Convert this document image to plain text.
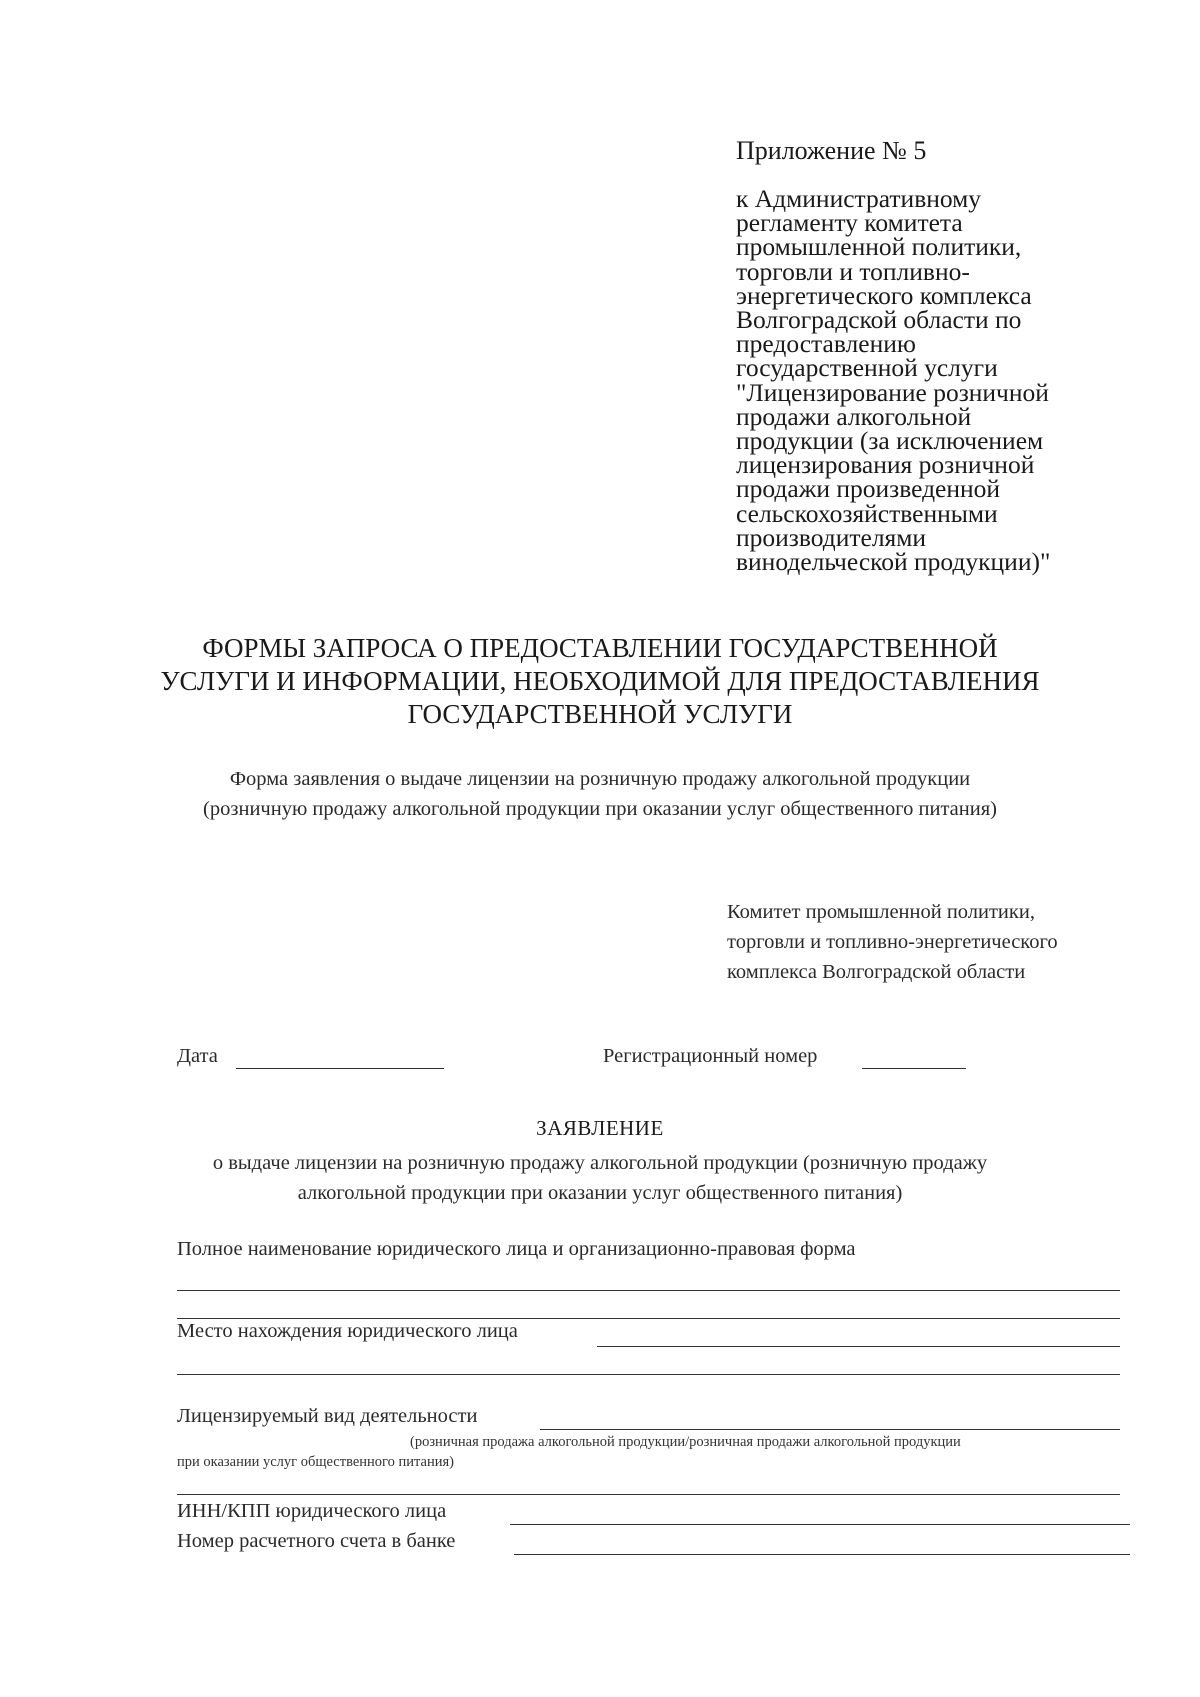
Приложение № 5
к Административному
регламенту комитета
промышленной политики,
торговли и топливно-
энергетического комплекса
Волгоградской области по
предоставлению
государственной услуги
"Лицензирование розничной
продажи алкогольной
продукции (за исключением
лицензирования розничной
продажи произведенной
сельскохозяйственными
производителями
винодельческой продукции)"
ФОРМЫ ЗАПРОСА О ПРЕДОСТАВЛЕНИИ ГОСУДАРСТВЕННОЙ
УСЛУГИ И ИНФОРМАЦИИ, НЕОБХОДИМОЙ ДЛЯ ПРЕДОСТАВЛЕНИЯ
ГОСУДАРСТВЕННОЙ УСЛУГИ
Форма заявления о выдаче лицензии на розничную продажу алкогольной продукции
(розничную продажу алкогольной продукции при оказании услуг общественного питания)
Комитет промышленной политики,
торговли и топливно-энергетического
комплекса Волгоградской области
Дата	Регистрационный номер
ЗАЯВЛЕНИЕ
о выдаче лицензии на розничную продажу алкогольной продукции (розничную продажу
алкогольной продукции при оказании услуг общественного питания)
Полное наименование юридического лица и организационно-правовая форма
Место нахождения юридического лица
Лицензируемый вид деятельности
(розничная продажа алкогольной продукции/розничная продажи алкогольной продукции
при оказании услуг общественного питания)
ИНН/КПП юридического лица
Номер расчетного счета в банке
